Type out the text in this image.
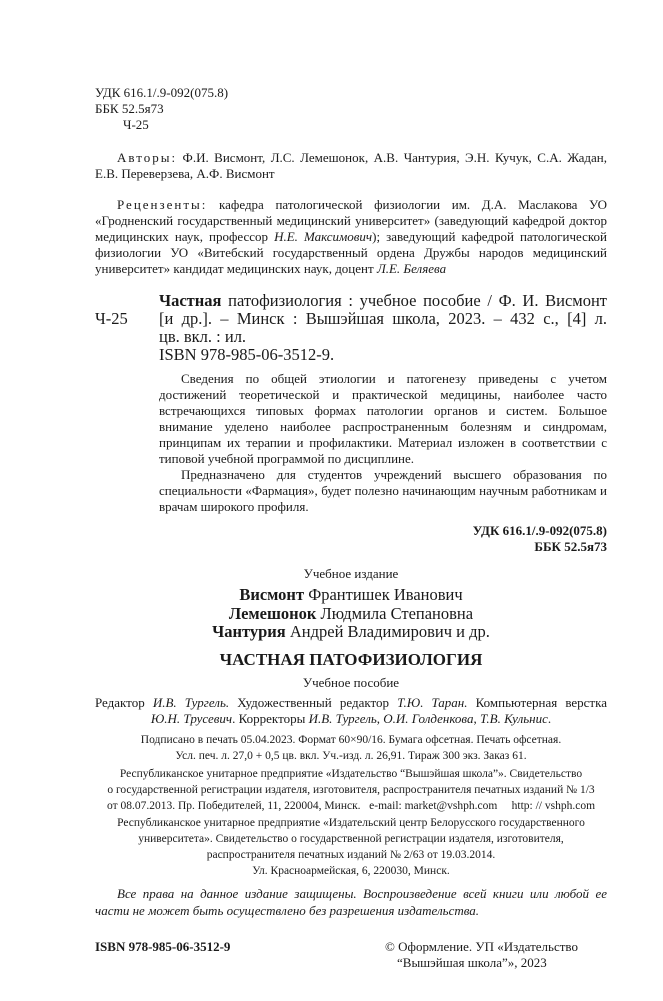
УДК 616.1/.9-092(075.8)
ББК 52.5я73
Ч-25
Авторы: Ф.И. Висмонт, Л.С. Лемешонок, А.В. Чантурия, Э.Н. Кучук, С.А. Жадан, Е.В. Переверзева, А.Ф. Висмонт
Рецензенты: кафедра патологической физиологии им. Д.А. Маслакова УО «Гродненский государственный медицинский университет» (заведующий кафедрой доктор медицинских наук, профессор Н.Е. Максимович); заведующий кафедрой патологической физиологии УО «Витебский государственный ордена Дружбы народов медицинский университет» кандидат медицинских наук, доцент Л.Е. Беляева
Частная патофизиология : учебное пособие / Ф. И. Висмонт
Ч-25	[и др.]. – Минск : Вышэйшая школа, 2023. – 432 с., [4] л.
цв. вкл. : ил.
ISBN 978-985-06-3512-9.
Сведения по общей этиологии и патогенезу приведены с учетом достижений теоретической и практической медицины, наиболее часто встречающихся типовых формах патологии органов и систем. Большое внимание уделено наиболее распространенным болезням и синдромам, принципам их терапии и профилактики. Материал изложен в соответствии с типовой учебной программой по дисциплине.
Предназначено для студентов учреждений высшего образования по специальности «Фармация», будет полезно начинающим научным работникам и врачам широкого профиля.
УДК 616.1/.9-092(075.8)
ББК 52.5я73
Учебное издание
Висмонт Франтишек Иванович
Лемешонок Людмила Степановна
Чантурия Андрей Владимирович и др.
ЧАСТНАЯ ПАТОФИЗИОЛОГИЯ
Учебное пособие
Редактор И.В. Тургель. Художественный редактор Т.Ю. Таран. Компьютерная верстка
Ю.Н. Трусевич. Корректоры И.В. Тургель, О.И. Голденкова, Т.В. Кульнис.
Подписано в печать 05.04.2023. Формат 60×90/16. Бумага офсетная. Печать офсетная.
Усл. печ. л. 27,0 + 0,5 цв. вкл. Уч.-изд. л. 26,91. Тираж 300 экз. Заказ 61.
Республиканское унитарное предприятие «Издательство “Вышэйшая школа”». Свидетельство
о государственной регистрации издателя, изготовителя, распространителя печатных изданий № 1/3
от 08.07.2013. Пр. Победителей, 11, 220004, Минск.   e-mail: market@vshph.com     http: // vshph.com
Республиканское унитарное предприятие «Издательский центр Белорусского государственного
университета». Свидетельство о государственной регистрации издателя, изготовителя,
распространителя печатных изданий № 2/63 от 19.03.2014.
Ул. Красноармейская, 6, 220030, Минск.
Все права на данное издание защищены. Воспроизведение всей книги или любой ее части не может быть осуществлено без разрешения издательства.
ISBN 978-985-06-3512-9	© Оформление. УП «Издательство
“Вышэйшая школа”», 2023
